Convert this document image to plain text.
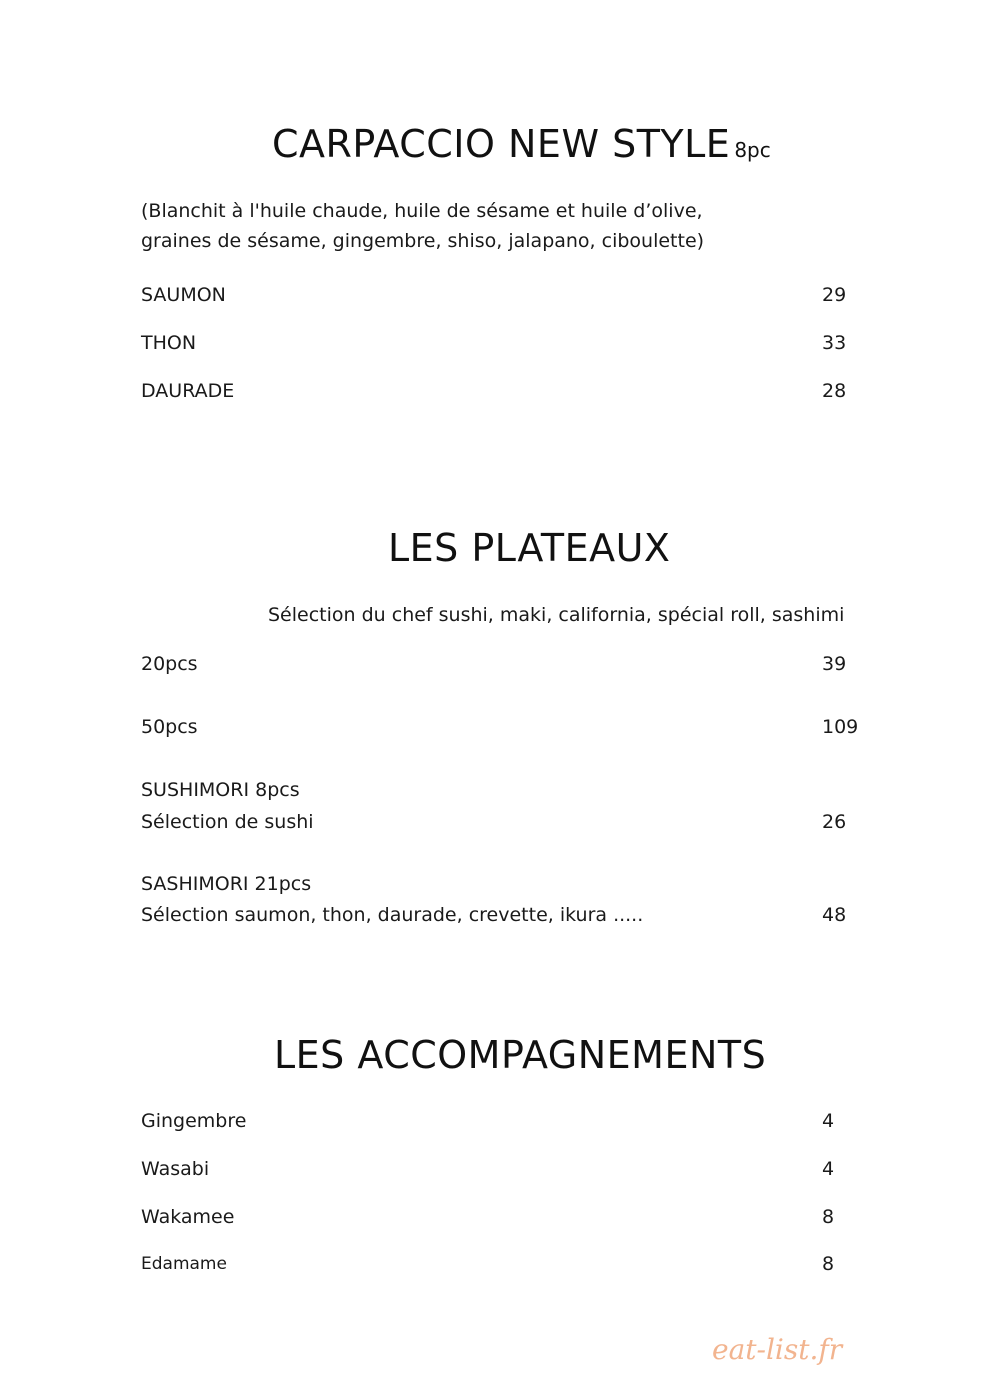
CARPACCIO NEW STYLE 8pc
(Blanchit à l'huile chaude, huile de sésame et huile d’olive,
graines de sésame, gingembre, shiso, jalapano, ciboulette)
SAUMON	29
THON	33
DAURADE	28
LES PLATEAUX
Sélection du chef sushi, maki, california, spécial roll, sashimi
20pcs	39
50pcs	109
SUSHIMORI 8pcs
Sélection de sushi	26
SASHIMORI 21pcs
Sélection saumon, thon, daurade, crevette, ikura .....	48
LES ACCOMPAGNEMENTS
Gingembre	4
Wasabi	4
Wakamee	8
Edamame	8
eat-list.fr
